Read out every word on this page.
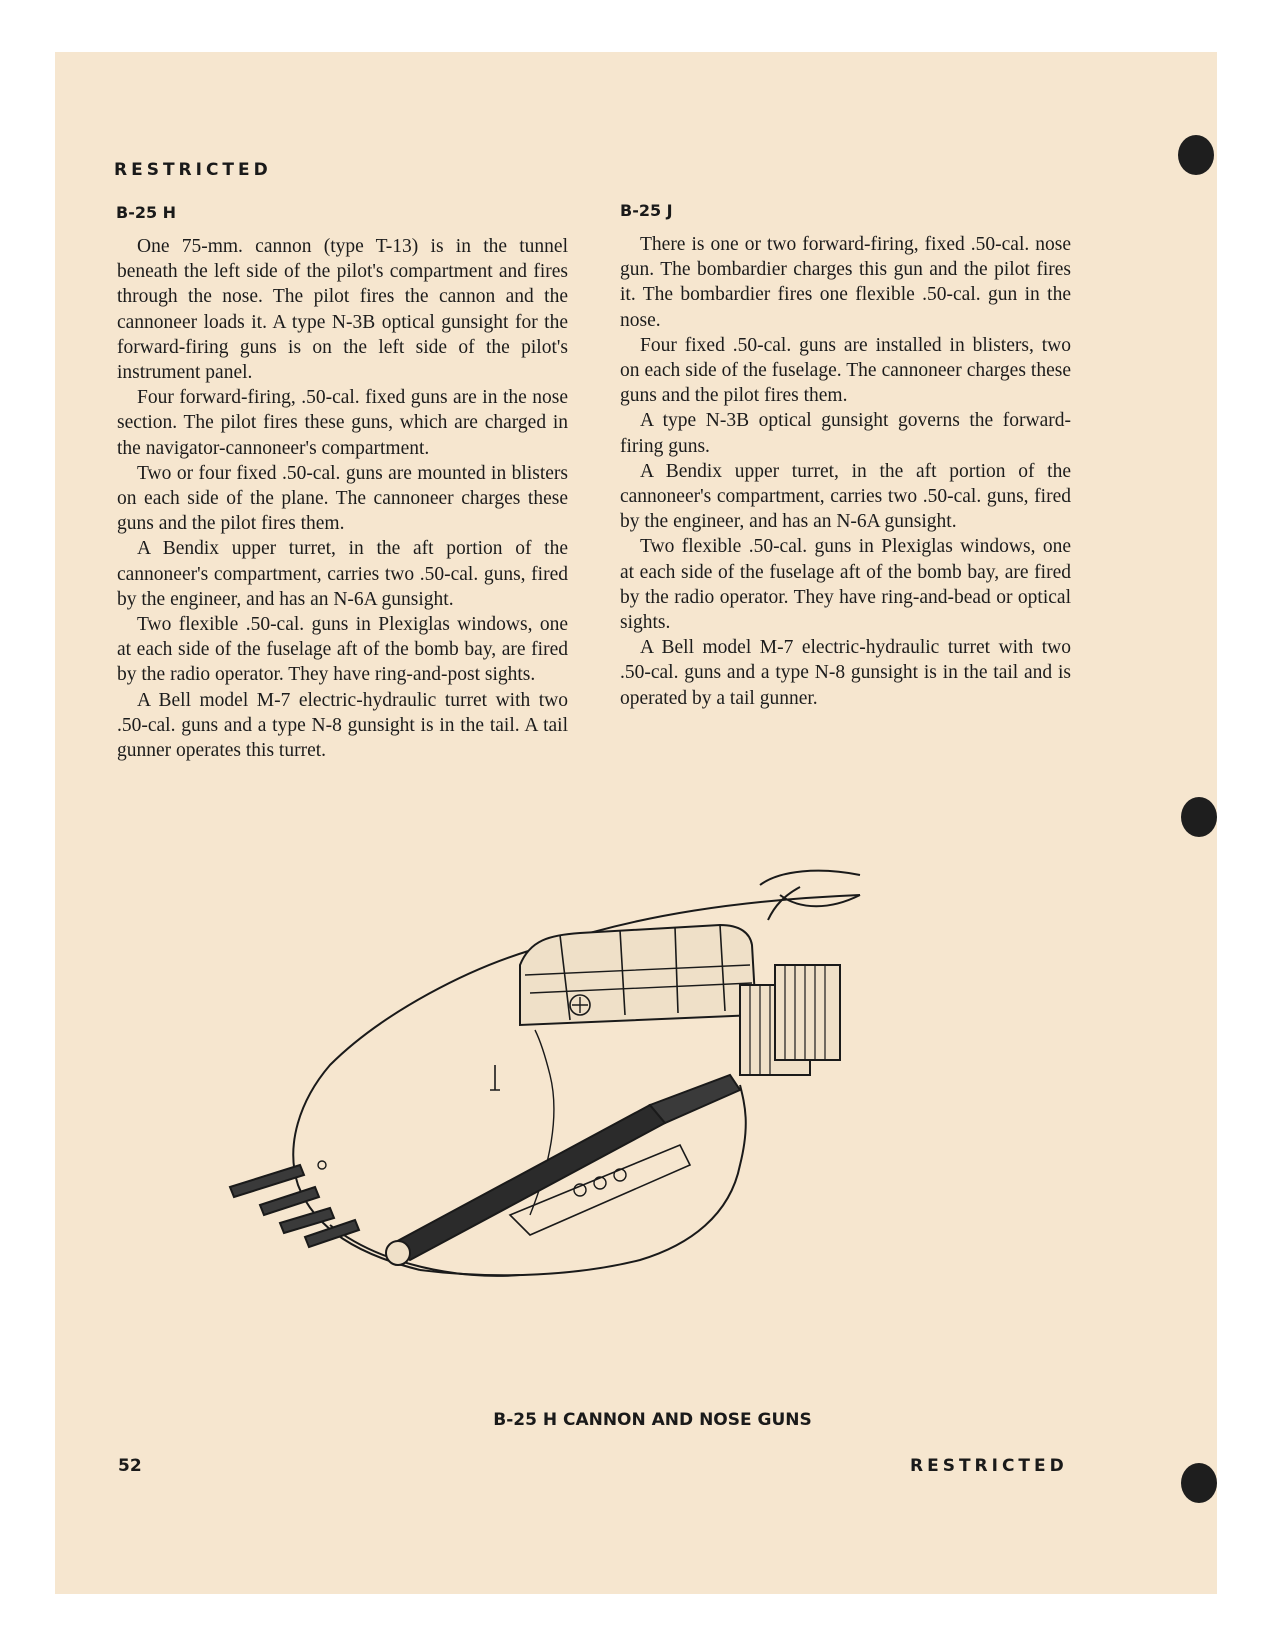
RESTRICTED
B-25 H	B-25 J

One 75-mm. cannon (type T-13) is in the tunnel beneath the left side of the pilot's compartment and fires through the nose. The pilot fires the cannon and the cannoneer loads it. A type N-3B optical gunsight for the forward-firing guns is on the left side of the pilot's instrument panel.

Four forward-firing, .50-cal. fixed guns are in the nose section. The pilot fires these guns, which are charged in the navigator-cannoneer's compartment.

Two or four fixed .50-cal. guns are mounted in blisters on each side of the plane. The cannoneer charges these guns and the pilot fires them.

A Bendix upper turret, in the aft portion of the cannoneer's compartment, carries two .50-cal. guns, fired by the engineer, and has an N-6A gunsight.

Two flexible .50-cal. guns in Plexiglas windows, one at each side of the fuselage aft of the bomb bay, are fired by the radio operator. They have ring-and-post sights.

A Bell model M-7 electric-hydraulic turret with two .50-cal. guns and a type N-8 gunsight is in the tail. A tail gunner operates this turret.

There is one or two forward-firing, fixed .50-cal. nose gun. The bombardier charges this gun and the pilot fires it. The bombardier fires one flexible .50-cal. gun in the nose.

Four fixed .50-cal. guns are installed in blisters, two on each side of the fuselage. The cannoneer charges these guns and the pilot fires them.

A type N-3B optical gunsight governs the forward-firing guns.

A Bendix upper turret, in the aft portion of the cannoneer's compartment, carries two .50-cal. guns, fired by the engineer, and has an N-6A gunsight.

Two flexible .50-cal. guns in Plexiglas windows, one at each side of the fuselage aft of the bomb bay, are fired by the radio operator. They have ring-and-bead or optical sights.

A Bell model M-7 electric-hydraulic turret with two .50-cal. guns and a type N-8 gunsight is in the tail and is operated by a tail gunner.

B-25 H CANNON AND NOSE GUNS
52	RESTRICTED
